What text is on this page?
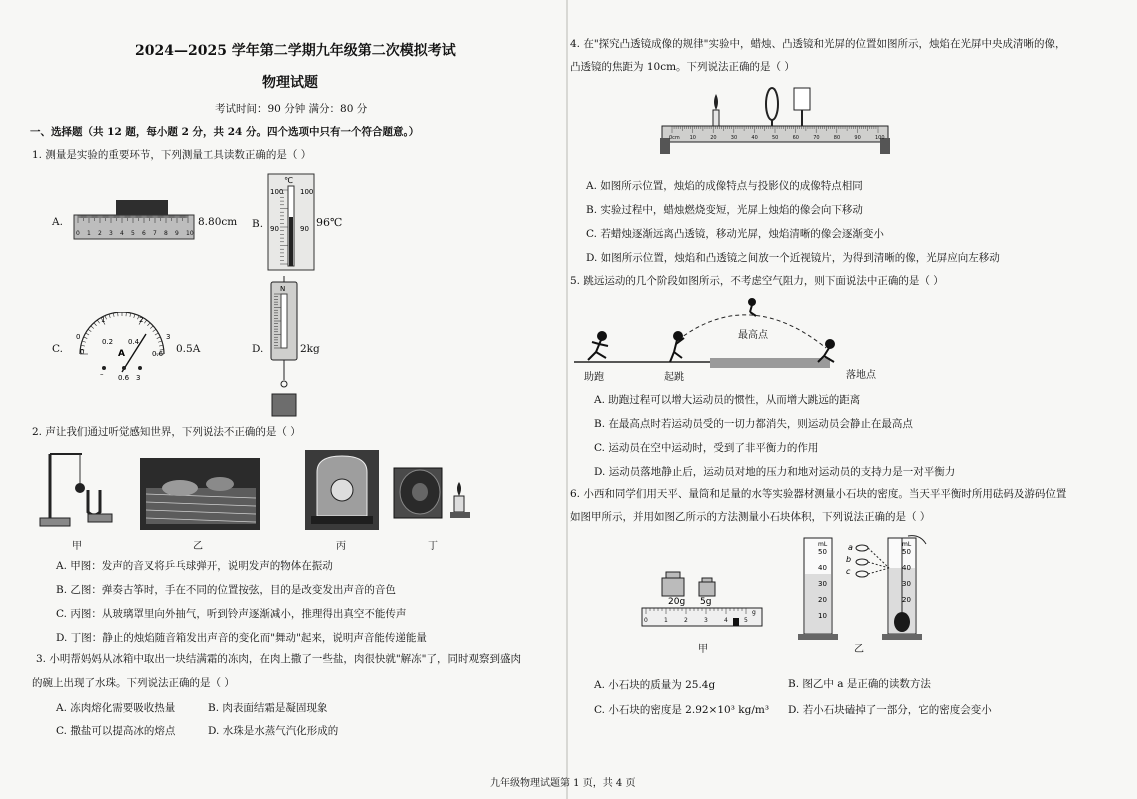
2024—2025 学年第二学期九年级第二次模拟考试
物理试题
考试时间：90 分钟 满分：80 分
一、选择题（共 12 题，每小题 2 分，共 24 分。四个选项中只有一个符合题意。）
1. 测量是实验的重要环节，下列测量工具读数正确的是（ ）
A.
0 1 2 3 4 5 6 7 8 9 10
8.80cm B.
℃
100 100
90	90 96℃
C.
0
1	2
3
0
0.2 0.4
0.6
A
– 0.6 3
0.5A	D.
N
2kg
2. 声让我们通过听觉感知世界，下列说法不正确的是（ ）
甲	乙	丙	丁
A. 甲图：发声的音叉将乒乓球弹开，说明发声的物体在振动
B. 乙图：弹奏古筝时，手在不同的位置按弦，目的是改变发出声音的音色
C. 丙图：从玻璃罩里向外抽气，听到铃声逐渐减小，推理得出真空不能传声
D. 丁图：静止的烛焰随音箱发出声音的变化而"舞动"起来，说明声音能传递能量
3. 小明帮妈妈从冰箱中取出一块结满霜的冻肉，在肉上撒了一些盐，肉很快就"解冻"了，同时观察到盛肉
的碗上出现了水珠。下列说法正确的是（ ）
A. 冻肉熔化需要吸收热量	B. 肉表面结霜是凝固现象
C. 撒盐可以提高冰的熔点	D. 水珠是水蒸气汽化形成的
4. 在"探究凸透镜成像的规律"实验中，蜡烛、凸透镜和光屏的位置如图所示，烛焰在光屏中央成清晰的像，
凸透镜的焦距为 10cm。下列说法正确的是（ ）
0cm 10	20	30	40	50	60	70	80	90	100
A. 如图所示位置，烛焰的成像特点与投影仪的成像特点相同
B. 实验过程中，蜡烛燃烧变短，光屏上烛焰的像会向下移动
C. 若蜡烛逐渐远离凸透镜，移动光屏，烛焰清晰的像会逐渐变小
D. 如图所示位置，烛焰和凸透镜之间放一个近视镜片，为得到清晰的像，光屏应向左移动
5. 跳远运动的几个阶段如图所示，不考虑空气阻力，则下面说法中正确的是（ ）
最高点
助跑	起跳	落地点
A. 助跑过程可以增大运动员的惯性，从而增大跳远的距离
B. 在最高点时若运动员受的一切力都消失，则运动员会静止在最高点
C. 运动员在空中运动时，受到了非平衡力的作用
D. 运动员落地静止后，运动员对地的压力和地对运动员的支持力是一对平衡力
6. 小西和同学们用天平、量筒和足量的水等实验器材测量小石块的密度。当天平平衡时所用砝码及游码位置
如图甲所示，并用如图乙所示的方法测量小石块体积，下列说法正确的是（ ）
20g 5g
0	1	2	3	4	5
g
mL
50
40
30
20
10
mL
50
40
30
20
a
b
c
甲	乙
A. 小石块的质量为 25.4g	B. 图乙中 a 是正确的读数方法
C. 小石块的密度是 2.92×10³ kg/m³ D. 若小石块磕掉了一部分，它的密度会变小
九年级物理试题第 1 页，共 4 页
